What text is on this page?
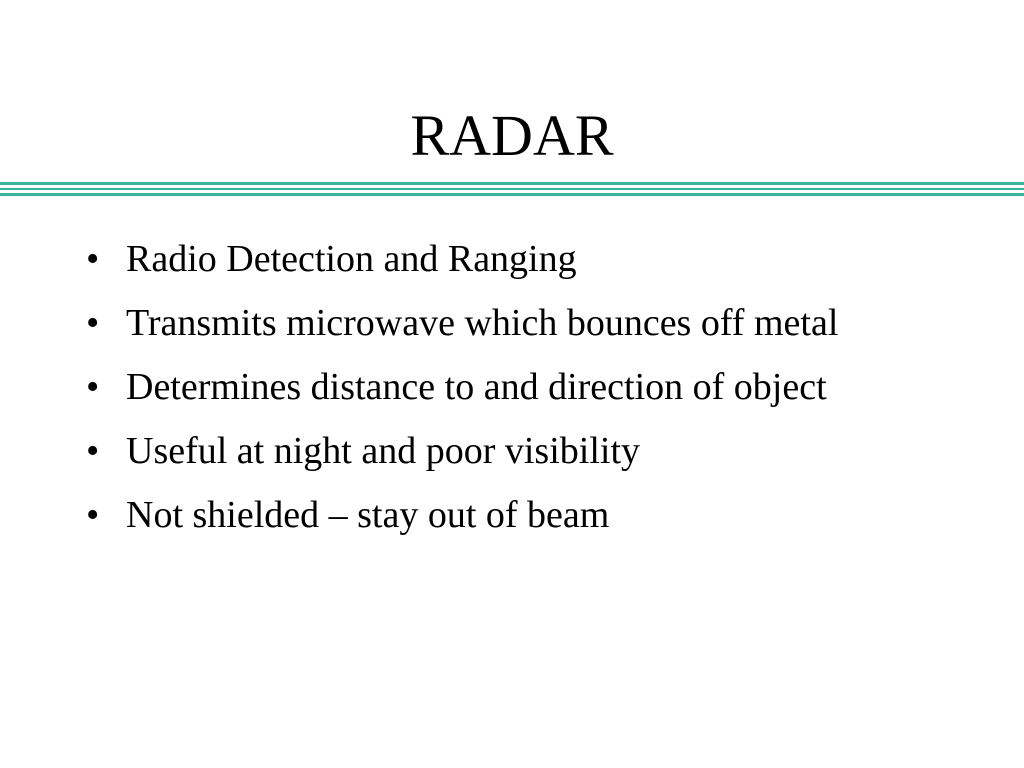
RADAR
• Radio Detection and Ranging
• Transmits microwave which bounces off metal
• Determines distance to and direction of object
• Useful at night and poor visibility
• Not shielded – stay out of beam
